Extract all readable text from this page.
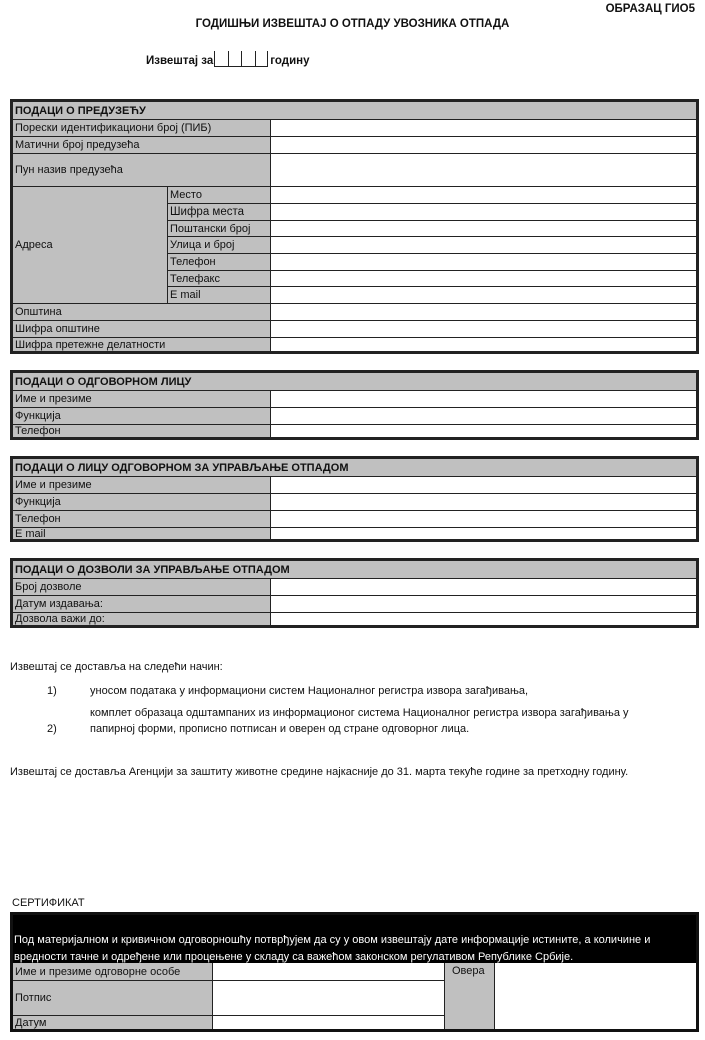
ОБРАЗАЦ ГИО5
ГОДИШЊИ ИЗВЕШТАЈ О ОТПАДУ УВОЗНИКА ОТПАДА
Извештај за	годину
ПОДАЦИ О ПРЕДУЗЕЋУ
Порески идентификациони број (ПИБ)
Матични број предузећа
Пун назив предузећа
Адреса
Место
Шифра места
Поштански број
Улица и број
Телефон
Телефакс
E mail
Општина
Шифра општине
Шифра претежне делатности
ПОДАЦИ О ОДГОВОРНОМ ЛИЦУ
Име и презиме
Функција
Телефон
ПОДАЦИ О ЛИЦУ ОДГОВОРНОМ ЗА УПРАВЉАЊЕ ОТПАДОМ
Име и презиме
Функција
Телефон
E mail
ПОДАЦИ О ДОЗВОЛИ ЗА УПРАВЉАЊЕ ОТПАДОМ
Број дозволе
Датум издавања:
Дозвола важи до:
Извештај се доставља на следећи начин:
1)	уносом података у информациони систем Националног регистра извора загађивања,
комплет образаца одштампаних из информационог система Националног регистра извора загађивања у
2)	папирној форми, прописно потписан и оверен од стране одговорног лица.
Извештај се доставља Агенцији за заштиту животне средине најкасније до 31. марта текуће године за претходну годину.
СЕРТИФИКАТ
Под материјалном и кривичном одговорношћу потврђујем да су у овом извештају дате информације истините, а количине и
вредности тачне и одређене или процењене у складу са важећом законском регулативом Републике Србије.
Име и презиме одговорне особе
Потпис
Датум
Овера
